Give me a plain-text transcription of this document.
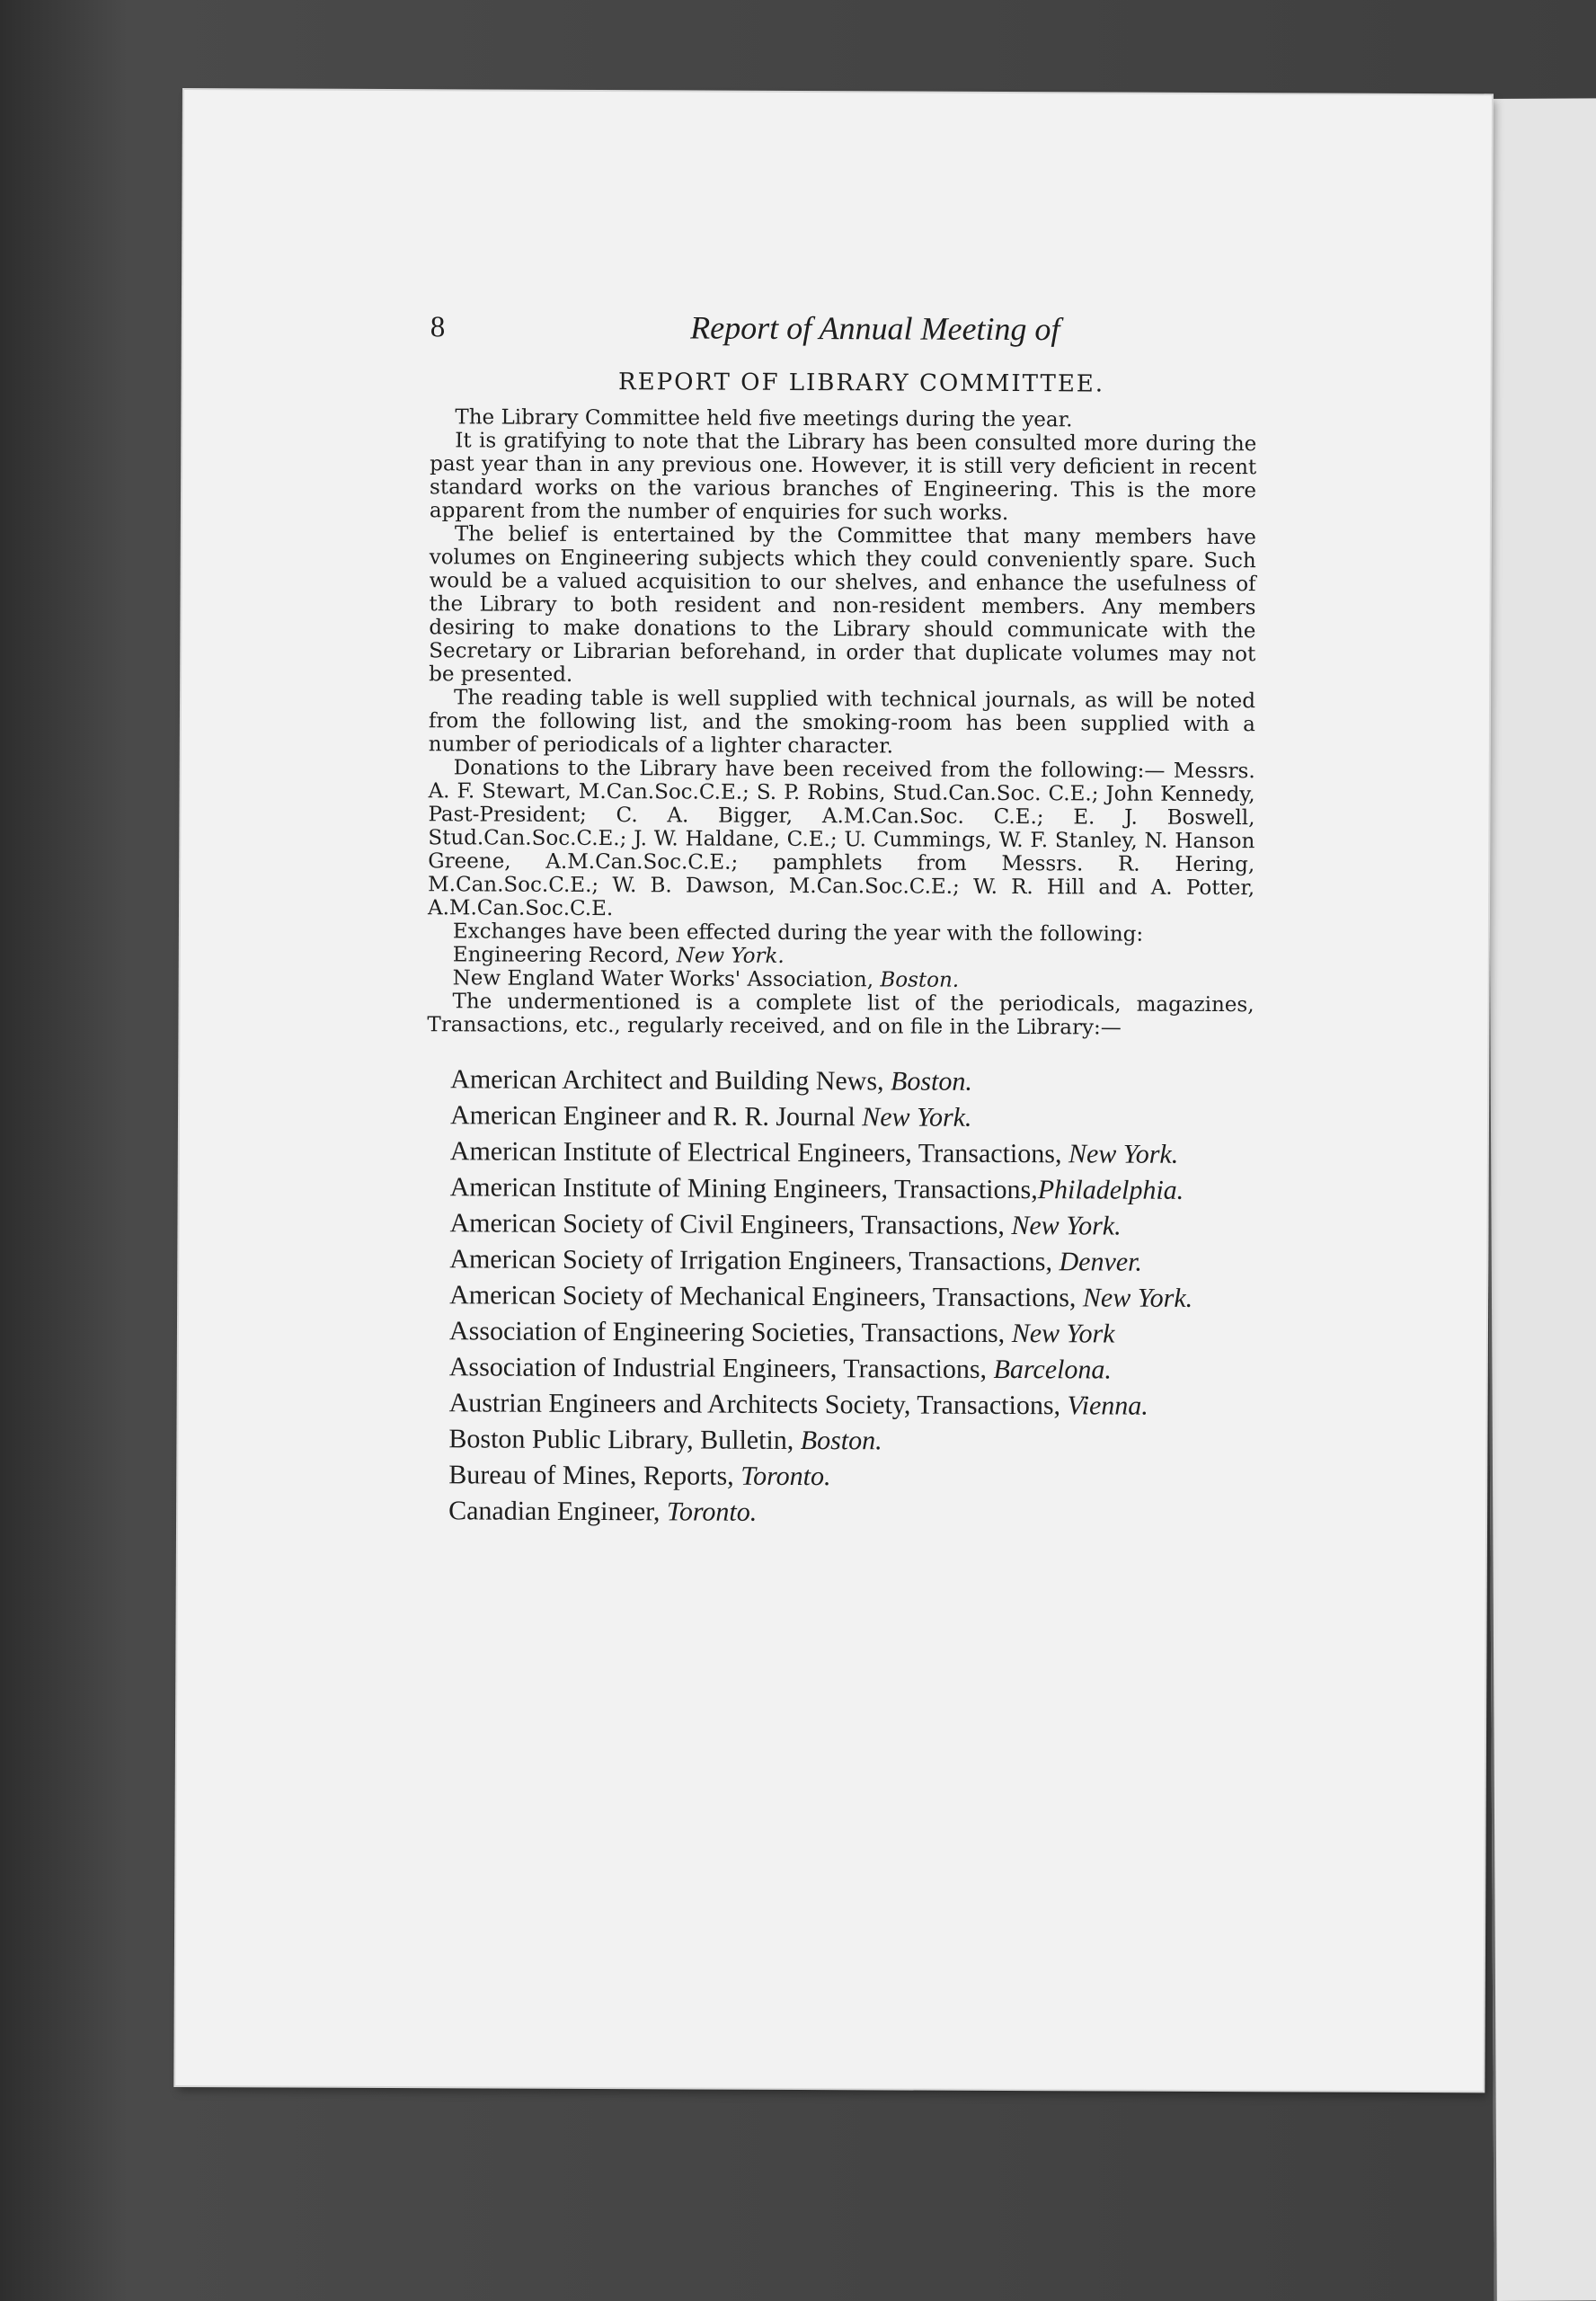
8	Report of Annual Meeting of
REPORT OF LIBRARY COMMITTEE.

The Library Committee held five meetings during the year.

It is gratifying to note that the Library has been consulted more during the past year than in any previous one. However, it is still very deficient in recent standard works on the various branches of Engineering. This is the more apparent from the number of enquiries for such works.

The belief is entertained by the Committee that many members have volumes on Engineering subjects which they could conveniently spare. Such would be a valued acquisition to our shelves, and enhance the usefulness of the Library to both resident and non-resident members. Any members desiring to make donations to the Library should communicate with the Secretary or Librarian beforehand, in order that duplicate volumes may not be presented.

The reading table is well supplied with technical journals, as will be noted from the following list, and the smoking-room has been supplied with a number of periodicals of a lighter character.

Donations to the Library have been received from the following:— Messrs. A. F. Stewart, M.Can.Soc.C.E.; S. P. Robins, Stud.Can.Soc. C.E.; John Kennedy, Past-President; C. A. Bigger, A.M.Can.Soc. C.E.; E. J. Boswell, Stud.Can.Soc.C.E.; J. W. Haldane, C.E.; U. Cummings, W. F. Stanley, N. Hanson Greene, A.M.Can.Soc.C.E.; pamphlets from Messrs. R. Hering, M.Can.Soc.C.E.; W. B. Dawson, M.Can.Soc.C.E.; W. R. Hill and A. Potter, A.M.Can.Soc.C.E.

Exchanges have been effected during the year with the following:

Engineering Record, New York.

New England Water Works' Association, Boston.

The undermentioned is a complete list of the periodicals, magazines, Transactions, etc., regularly received, and on file in the Library:—

American Architect and Building News, Boston.
American Engineer and R. R. Journal New York.
American Institute of Electrical Engineers, Transactions, New York.
American Institute of Mining Engineers, Transactions,Philadelphia.
American Society of Civil Engineers, Transactions, New York.
American Society of Irrigation Engineers, Transactions, Denver.
American Society of Mechanical Engineers, Transactions, New York.
Association of Engineering Societies, Transactions, New York
Association of Industrial Engineers, Transactions, Barcelona.
Austrian Engineers and Architects Society, Transactions, Vienna.
Boston Public Library, Bulletin, Boston.
Bureau of Mines, Reports, Toronto.
Canadian Engineer, Toronto.
